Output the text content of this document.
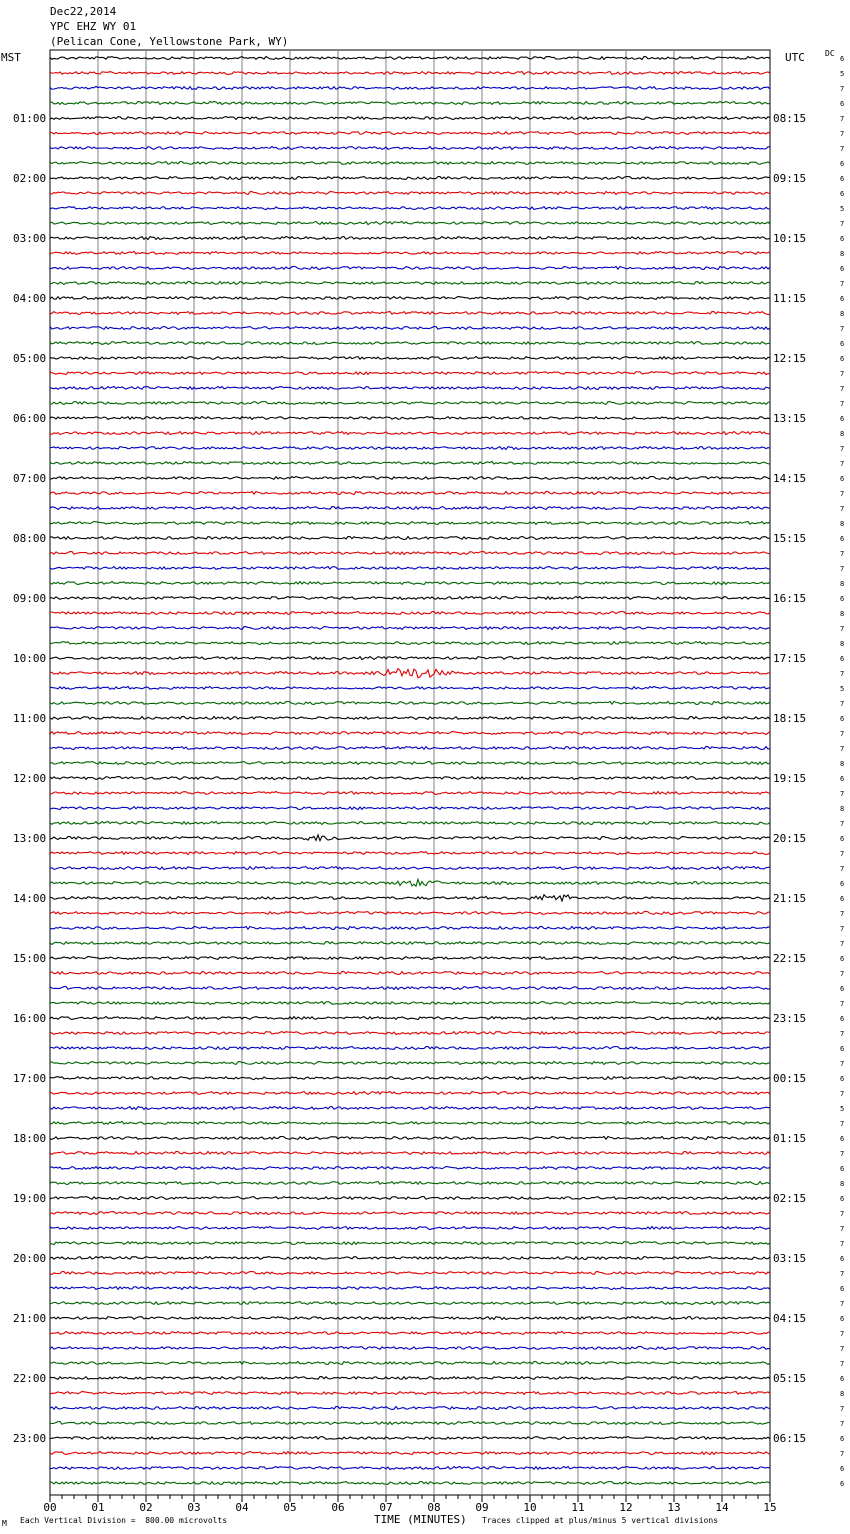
Dec22,2014
YPC EHZ WY 01
(Pelican Cone, Yellowstone Park, WY)
MST	UTC	DC
6
5
7
6
7
7
7
6
6
6
5
7
6
8
6
7
6
8
7
6
6
7
7
7
6
8
7
7
6
7
7
8
6
7
7
8
6
8
7
8
6
7
5
7
6
7
7
8
6
7
8
7
6
7
7
6
6
7
7
7
6
7
6
7
6
7
6
7
6
7
5
7
6
7
6
8
6
7
7
7
6
7
6
7
6
7
7
7
6
8
7
7
6
7
6
6
01:00	08:15
02:00	09:15
03:00	10:15
04:00	11:15
05:00	12:15
06:00	13:15
07:00	14:15
08:00	15:15
09:00	16:15
10:00	17:15
11:00	18:15
12:00	19:15
13:00	20:15
14:00	21:15
15:00	22:15
16:00	23:15
17:00	00:15
18:00	01:15
19:00	02:15
20:00	03:15
21:00	04:15
22:00	05:15
23:00	06:15
00	01	02	03	04	05	06	07	08	09	10	11	12	13	14	15
M Each Vertical Division =  800.00 microvolts	TIME (MINUTES) Traces clipped at plus/minus 5 vertical divisions
